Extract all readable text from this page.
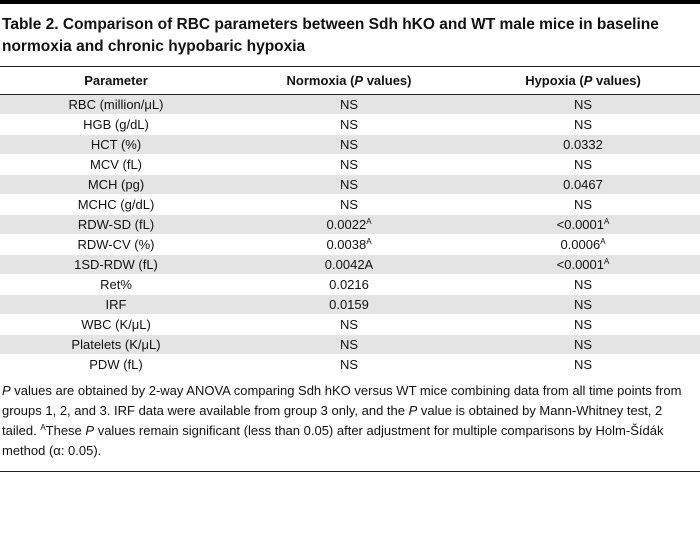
Table 2. Comparison of RBC parameters between Sdh hKO and WT male mice in baseline normoxia and chronic hypobaric hypoxia
Parameter	Normoxia (P values)	Hypoxia (P values)
RBC (million/μL)	NS	NS
HGB (g/dL)	NS	NS
HCT (%)	NS	0.0332
MCV (fL)	NS	NS
MCH (pg)	NS	0.0467
MCHC (g/dL)	NS	NS
RDW-SD (fL)	$0.0022^A$	$<0.0001^A$
RDW-CV (%)	$0.0038^A$	$0.0006^A$
1SD-RDW (fL)	0.0042A	$<0.0001^A$
Ret%	0.0216	NS
IRF	0.0159	NS
WBC (K/μL)	NS	NS
Platelets (K/μL)	NS	NS
PDW (fL)	NS	NS
P values are obtained by 2-way ANOVA comparing Sdh hKO versus WT mice combining data from all time points from groups 1, 2, and 3. IRF data were available from group 3 only, and the P value is obtained by Mann-Whitney test, 2 tailed. $^A$These P values remain significant (less than 0.05) after adjustment for multiple comparisons by Holm-Šídák method (α: 0.05).
